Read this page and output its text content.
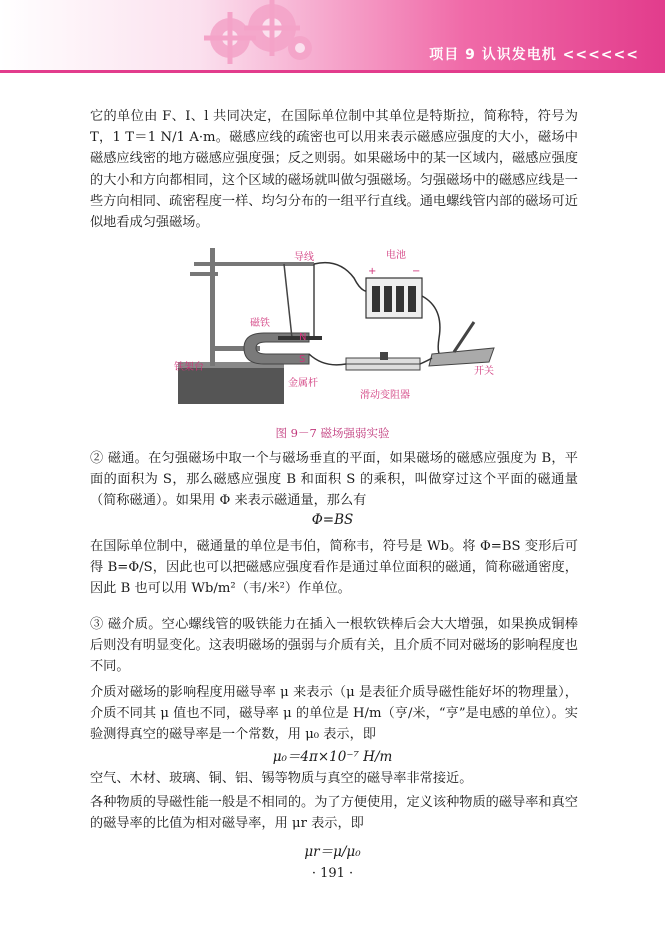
项目 9 认识发电机 <<<<<<

它的单位由 F、I、l 共同决定，在国际单位制中其单位是特斯拉，简称特，符号为 T，1 T＝1 N/1 A·m。磁感应线的疏密也可以用来表示磁感应强度的大小，磁场中磁感应线密的地方磁感应强度强；反之则弱。如果磁场中的某一区域内，磁感应强度的大小和方向都相同，这个区域的磁场就叫做匀强磁场。匀强磁场中的磁感应线是一些方向相同、疏密程度一样、均匀分布的一组平行直线。通电螺线管内部的磁场可近似地看成匀强磁场。

导线	电池
+	−
磁铁
N
S
铁架台
金属杆
开关
滑动变阻器
图 9－7 磁场强弱实验

② 磁通。在匀强磁场中取一个与磁场垂直的平面，如果磁场的磁感应强度为 B，平面的面积为 S，那么磁感应强度 B 和面积 S 的乘积，叫做穿过这个平面的磁通量（简称磁通）。如果用 Φ 来表示磁通量，那么有

Φ=BS

在国际单位制中，磁通量的单位是韦伯，简称韦，符号是 Wb。将 Φ=BS 变形后可得 B=Φ/S，因此也可以把磁感应强度看作是通过单位面积的磁通，简称磁通密度，因此 B 也可以用 Wb/m²（韦/米²）作单位。

③ 磁介质。空心螺线管的吸铁能力在插入一根软铁棒后会大大增强，如果换成铜棒后则没有明显变化。这表明磁场的强弱与介质有关，且介质不同对磁场的影响程度也不同。

介质对磁场的影响程度用磁导率 μ 来表示（μ 是表征介质导磁性能好坏的物理量），介质不同其 μ 值也不同，磁导率 μ 的单位是 H/m（亨/米，“亨”是电感的单位）。实验测得真空的磁导率是一个常数，用 μ₀ 表示，即

μ₀＝4π×10⁻⁷ H/m

空气、木材、玻璃、铜、铝、锡等物质与真空的磁导率非常接近。

各种物质的导磁性能一般是不相同的。为了方便使用，定义该种物质的磁导率和真空的磁导率的比值为相对磁导率，用 μr 表示，即

μr＝μ/μ₀
· 191 ·
